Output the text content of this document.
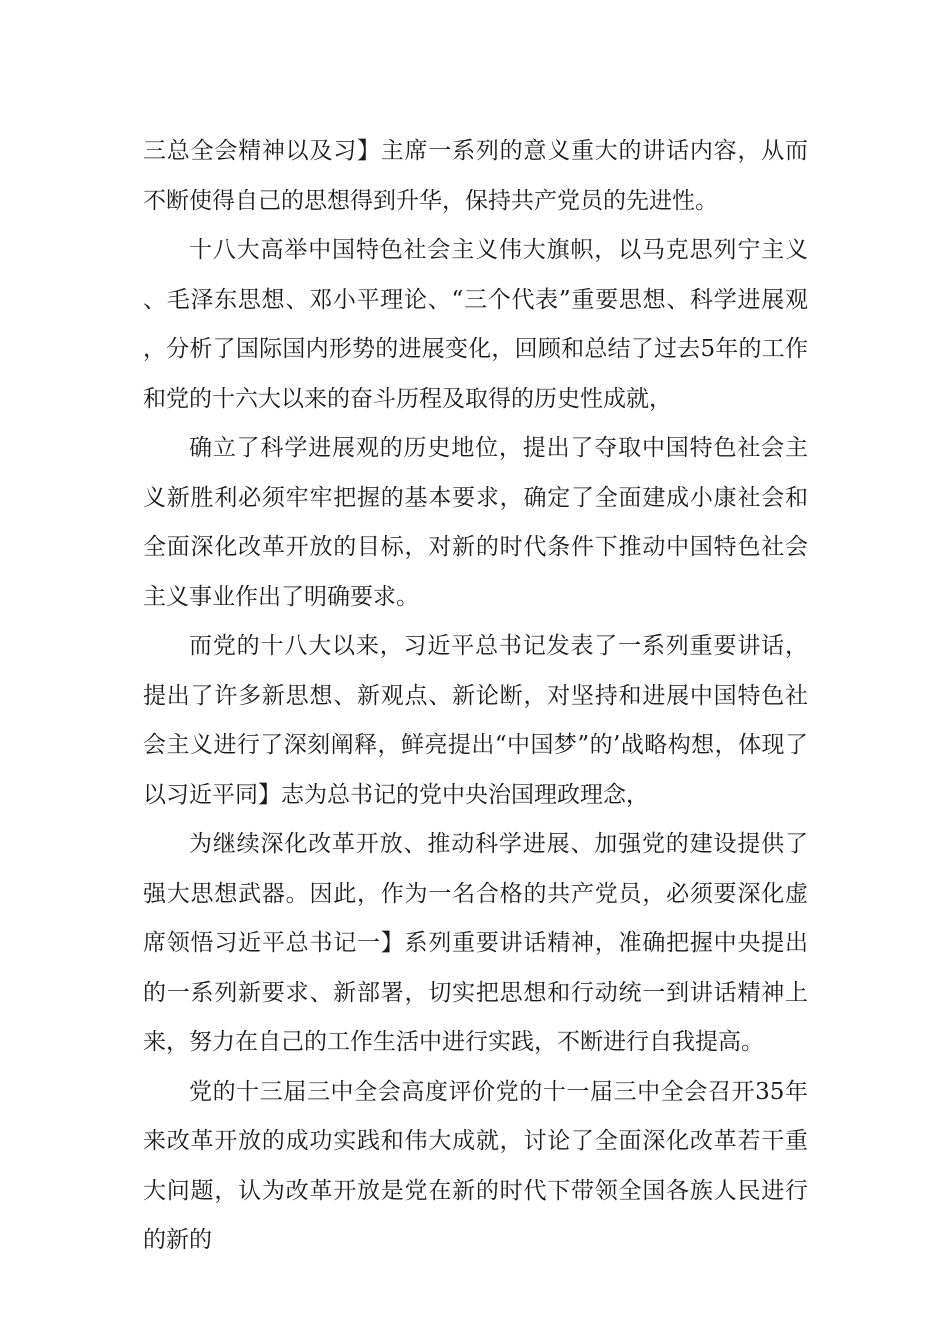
三总全会精神以及习】主席一系列的意义重大的讲话内容，从而不断使得自己的思想得到升华，保持共产党员的先进性。

十八大高举中国特色社会主义伟大旗帜，以马克思列宁主义、毛泽东思想、邓小平理论、“三个代表”重要思想、科学进展观，分析了国际国内形势的进展变化，回顾和总结了过去5年的工作和党的十六大以来的奋斗历程及取得的历史性成就，

确立了科学进展观的历史地位，提出了夺取中国特色社会主义新胜利必须牢牢把握的基本要求，确定了全面建成小康社会和全面深化改革开放的目标，对新的时代条件下推动中国特色社会主义事业作出了明确要求。

而党的十八大以来，习近平总书记发表了一系列重要讲话，提出了许多新思想、新观点、新论断，对坚持和进展中国特色社会主义进行了深刻阐释，鲜亮提出“中国梦”的’战略构想，体现了以习近平同】志为总书记的党中央治国理政理念，

为继续深化改革开放、推动科学进展、加强党的建设提供了强大思想武器。因此，作为一名合格的共产党员，必须要深化虚席领悟习近平总书记一】系列重要讲话精神，准确把握中央提出的一系列新要求、新部署，切实把思想和行动统一到讲话精神上来，努力在自己的工作生活中进行实践，不断进行自我提高。

党的十三届三中全会高度评价党的十一届三中全会召开35年来改革开放的成功实践和伟大成就，讨论了全面深化改革若干重大问题，认为改革开放是党在新的时代下带领全国各族人民进行的新的
